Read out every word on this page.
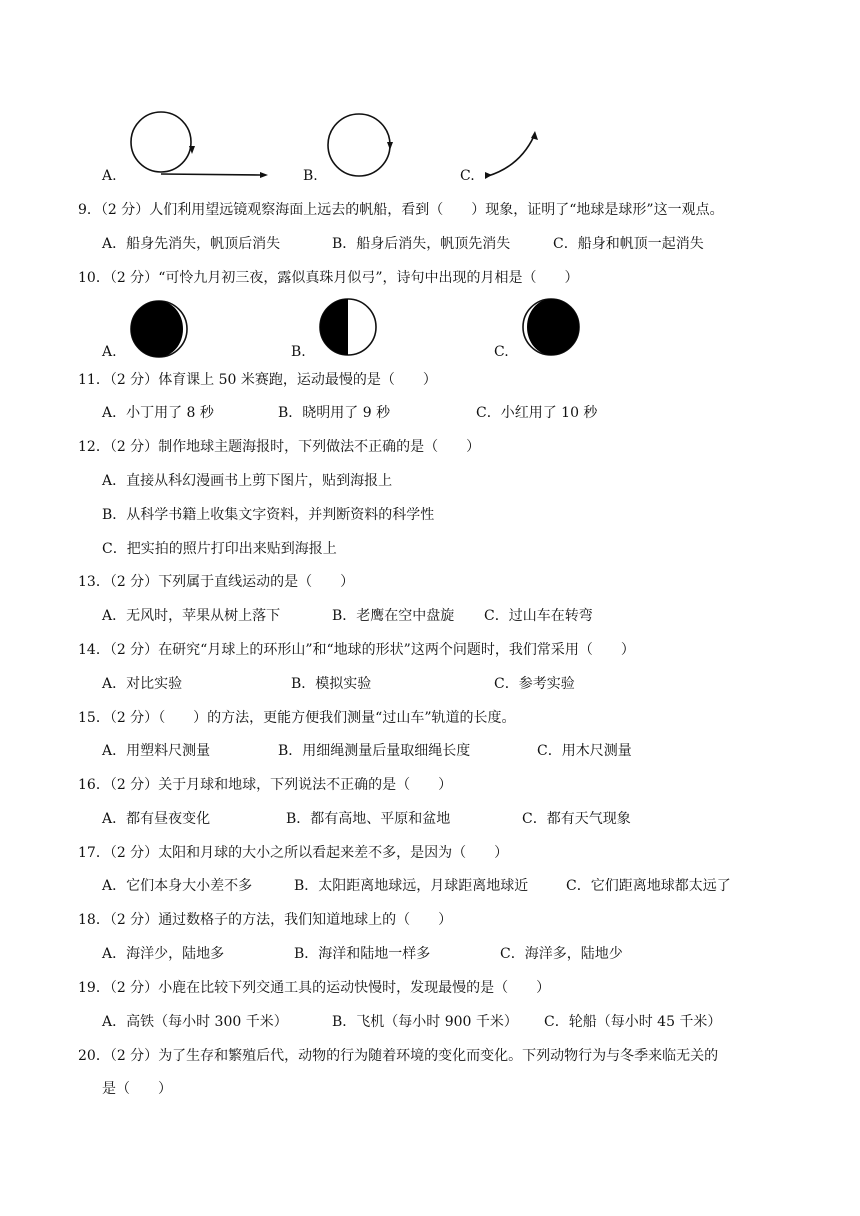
A.	B.	C.
9．（2 分）人们利用望远镜观察海面上远去的帆船，看到（　　）现象，证明了“地球是球形”这一观点。
A．船身先消失，帆顶后消失	B．船身后消失，帆顶先消失	C．船身和帆顶一起消失
10．（2 分）“可怜九月初三夜，露似真珠月似弓”，诗句中出现的月相是（　　）
A.	B.	C.
11．（2 分）体育课上 50 米赛跑，运动最慢的是（　　）
A．小丁用了 8 秒	B．晓明用了 9 秒	C．小红用了 10 秒
12．（2 分）制作地球主题海报时，下列做法不正确的是（　　）
A．直接从科幻漫画书上剪下图片，贴到海报上
B．从科学书籍上收集文字资料，并判断资料的科学性
C．把实拍的照片打印出来贴到海报上
13．（2 分）下列属于直线运动的是（　　）
A．无风时，苹果从树上落下	B．老鹰在空中盘旋 C．过山车在转弯
14．（2 分）在研究“月球上的环形山”和“地球的形状”这两个问题时，我们常采用（　　）
A．对比实验	B．模拟实验	C．参考实验
15．（2 分）（　　）的方法，更能方便我们测量“过山车”轨道的长度。
A．用塑料尺测量	B．用细绳测量后量取细绳长度	C．用木尺测量
16．（2 分）关于月球和地球，下列说法不正确的是（　　）
A．都有昼夜变化	B．都有高地、平原和盆地	C．都有天气现象
17．（2 分）太阳和月球的大小之所以看起来差不多，是因为（　　）
A．它们本身大小差不多	B．太阳距离地球远，月球距离地球近	C．它们距离地球都太远了
18．（2 分）通过数格子的方法，我们知道地球上的（　　）
A．海洋少，陆地多	B．海洋和陆地一样多	C．海洋多，陆地少
19．（2 分）小鹿在比较下列交通工具的运动快慢时，发现最慢的是（　　）
A．高铁（每小时 300 千米）	B．飞机（每小时 900 千米） C．轮船（每小时 45 千米）
20．（2 分）为了生存和繁殖后代，动物的行为随着环境的变化而变化。下列动物行为与冬季来临无关的
是（　　）
